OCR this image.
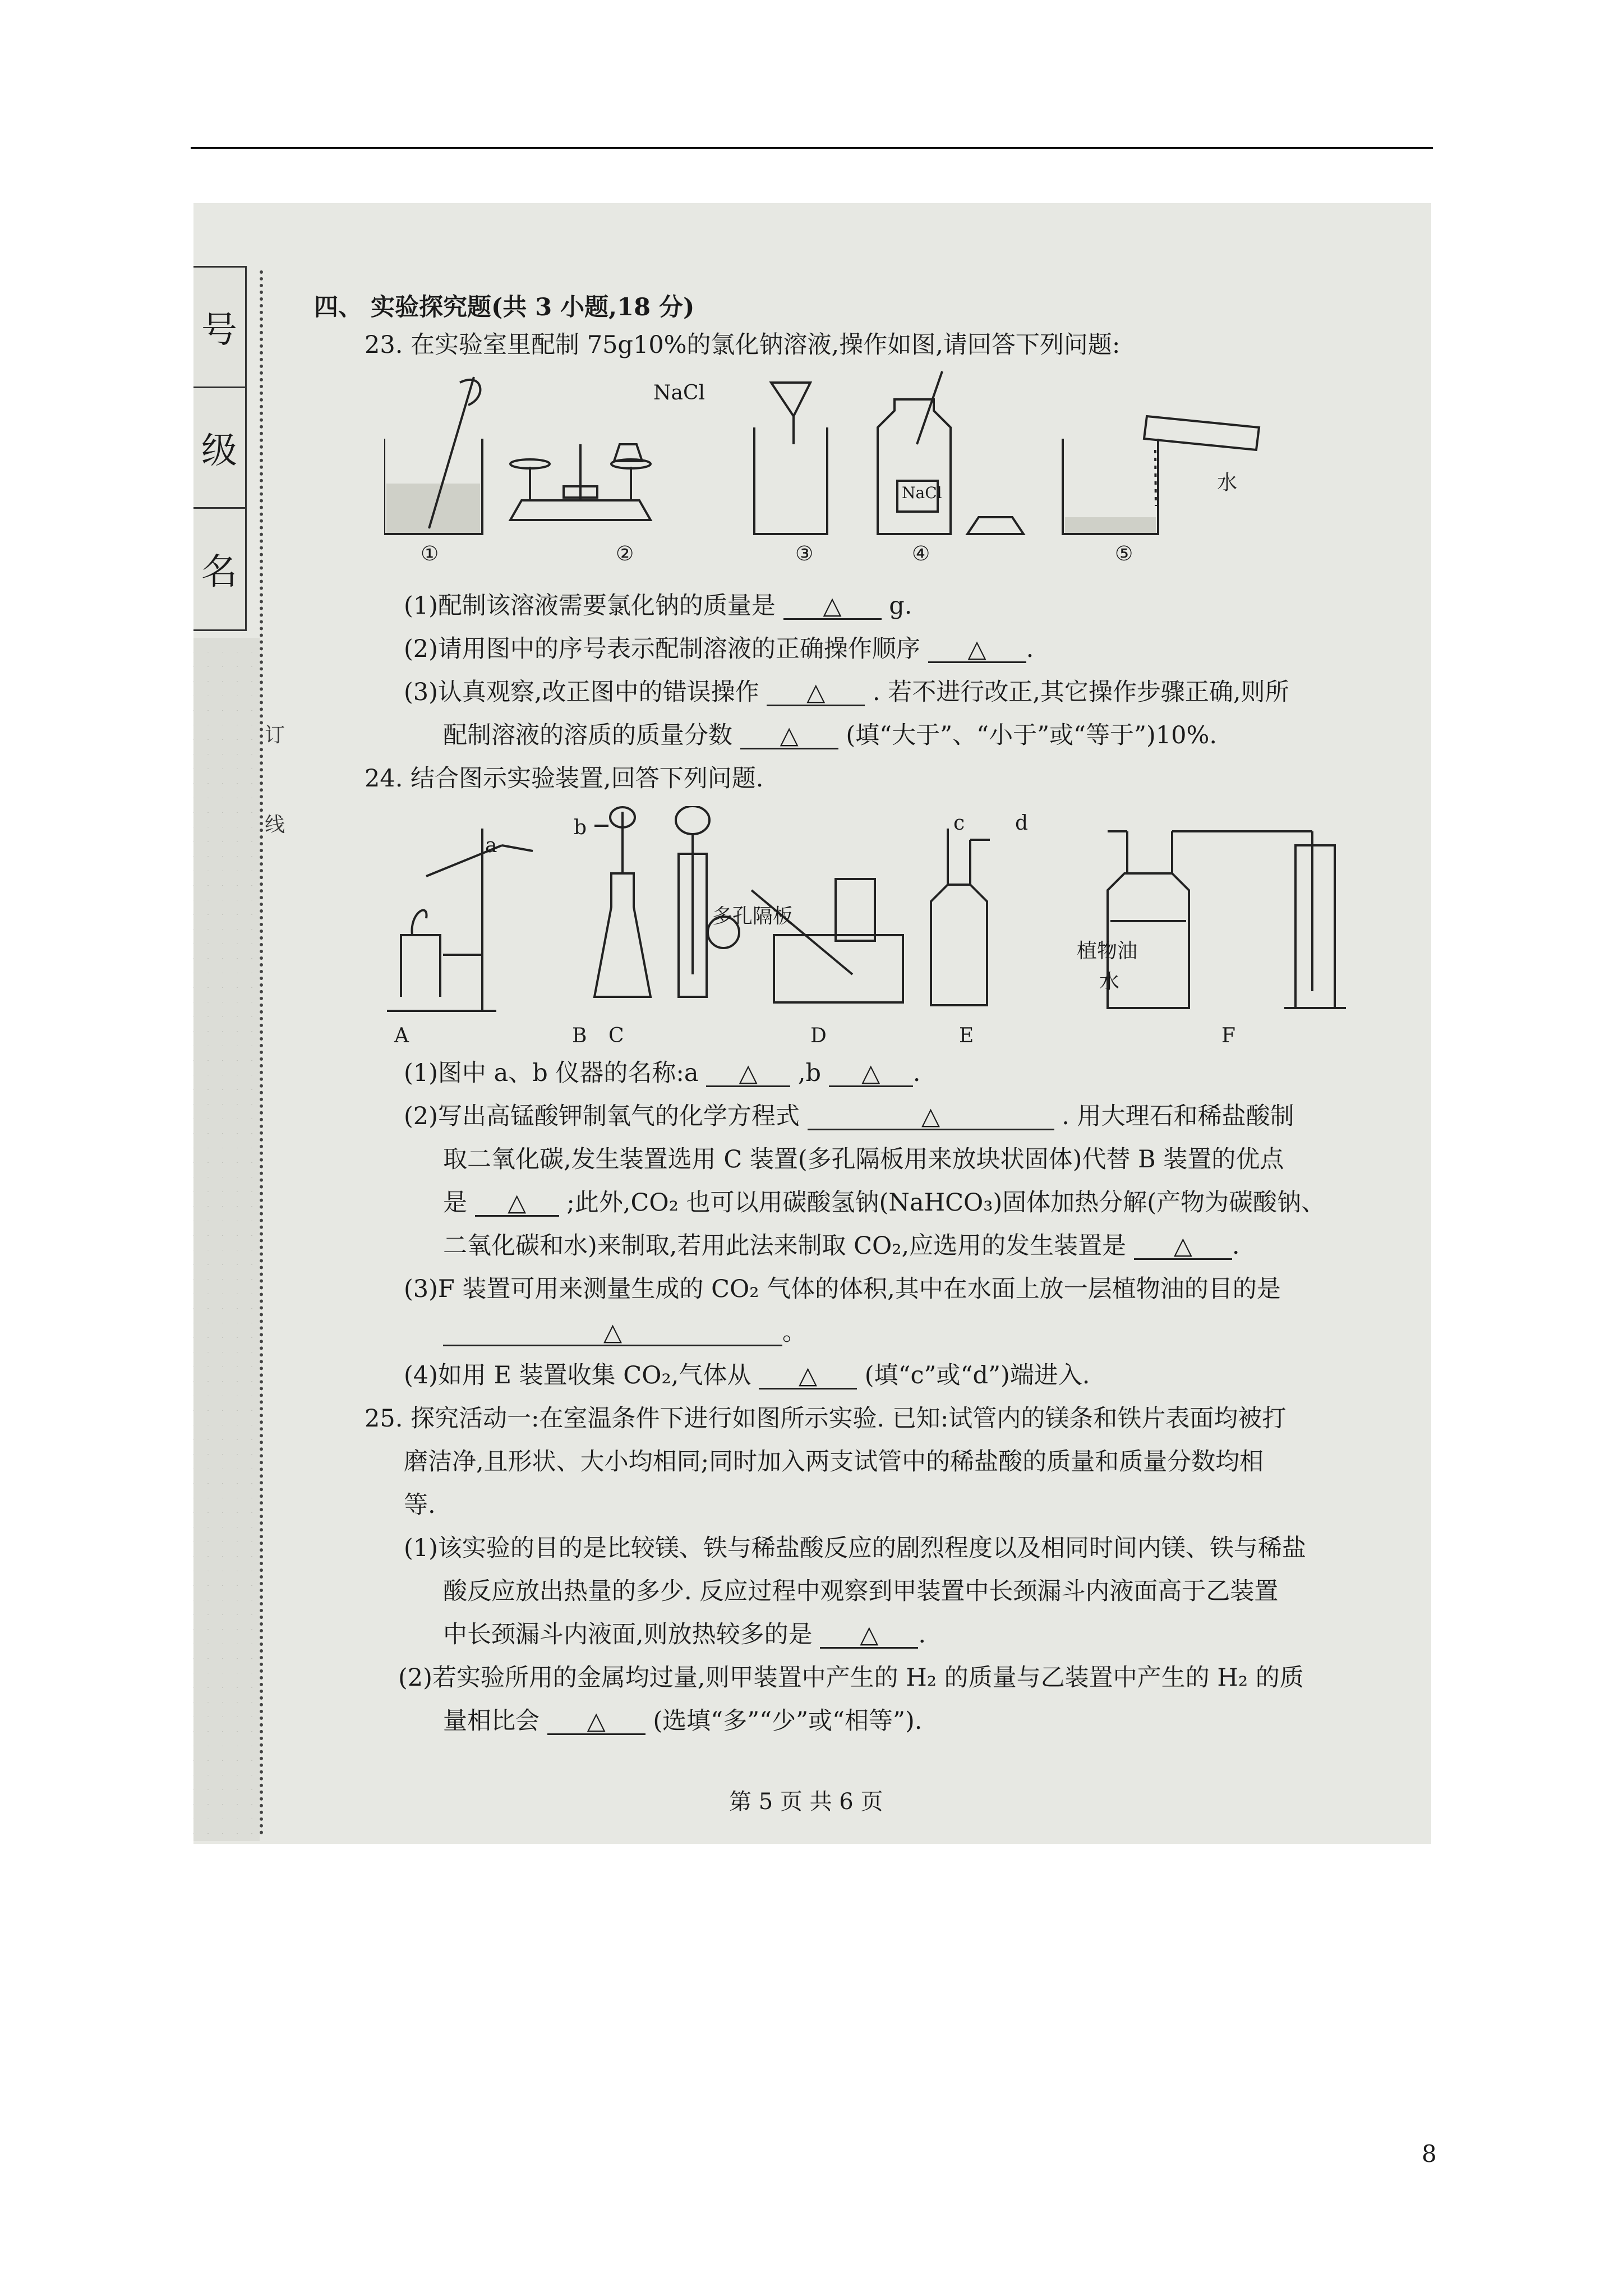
号
级
名
订
线
四、 实验探究题(共 3 小题,18 分)
23. 在实验室里配制 75g10%的氯化钠溶液,操作如图,请回答下列问题:
NaCl
NaCl	水
①	②	③	④	⑤
(1)配制该溶液需要氯化钠的质量是 △ g.
(2)请用图中的序号表示配制溶液的正确操作顺序 △ .
(3)认真观察,改正图中的错误操作 △ . 若不进行改正,其它操作步骤正确,则所
配制溶液的溶质的质量分数 △ (填“大于”、“小于”或“等于”)10%.
24. 结合图示实验装置,回答下列问题.
A	B C	D	E	F
a
b	c d
多孔隔板
植物油
水
(1)图中 a、b 仪器的名称:a △ ,b △ .
(2)写出高锰酸钾制氧气的化学方程式	△	. 用大理石和稀盐酸制
取二氧化碳,发生装置选用 C 装置(多孔隔板用来放块状固体)代替 B 装置的优点
是 △ ;此外,CO₂ 也可以用碳酸氢钠(NaHCO₃)固体加热分解(产物为碳酸钠、
二氧化碳和水)来制取,若用此法来制取 CO₂,应选用的发生装置是 △ .
(3)F 装置可用来测量生成的 CO₂ 气体的体积,其中在水面上放一层植物油的目的是
△	。
(4)如用 E 装置收集 CO₂,气体从 △ (填“c”或“d”)端进入.
25. 探究活动一:在室温条件下进行如图所示实验. 已知:试管内的镁条和铁片表面均被打
磨洁净,且形状、大小均相同;同时加入两支试管中的稀盐酸的质量和质量分数均相
等.
(1)该实验的目的是比较镁、铁与稀盐酸反应的剧烈程度以及相同时间内镁、铁与稀盐
酸反应放出热量的多少. 反应过程中观察到甲装置中长颈漏斗内液面高于乙装置
中长颈漏斗内液面,则放热较多的是 △ .
(2)若实验所用的金属均过量,则甲装置中产生的 H₂ 的质量与乙装置中产生的 H₂ 的质
量相比会 △ (选填“多”“少”或“相等”).
第 5 页 共 6 页
8
